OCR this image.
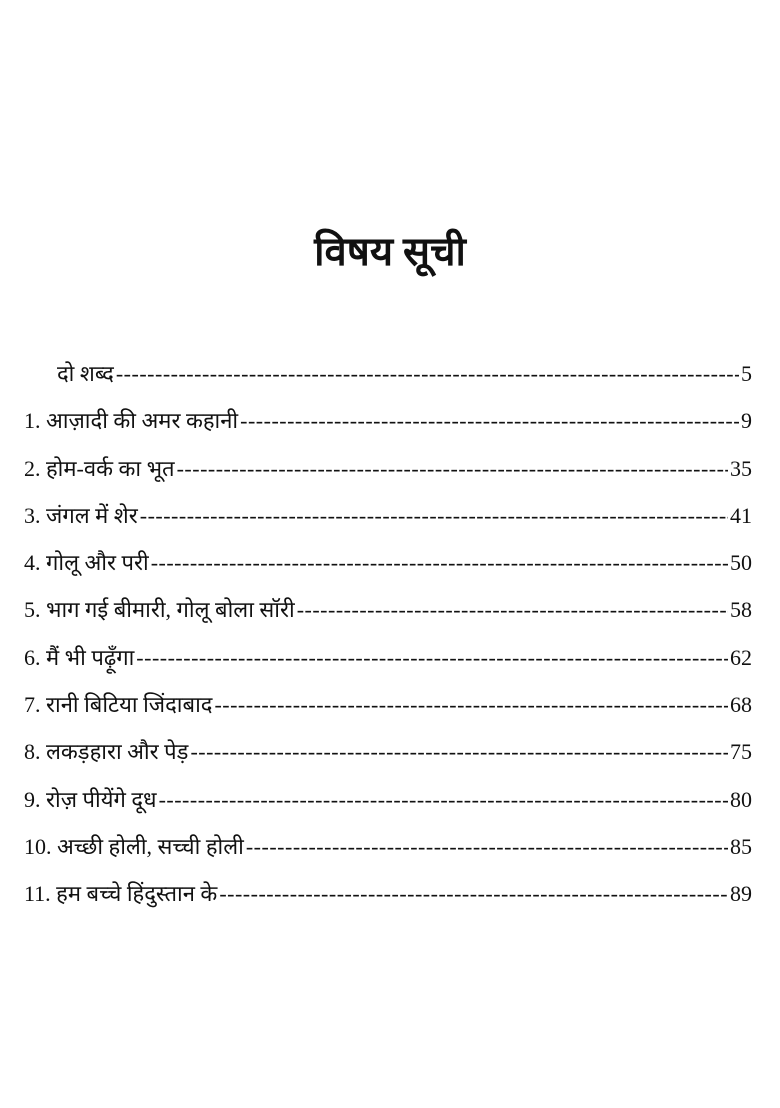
विषय सूची
दो शब्द -----	5
1. आज़ादी की अमर कहानी -----	9
2. होम-वर्क का भूत -----	35
3. जंगल में शेर -----	41
4. गोलू और परी -----	50
5. भाग गई बीमारी, गोलू बोला सॉरी -----	58
6. मैं भी पढ़ूँगा -----	62
7. रानी बिटिया जिंदाबाद -----	68
8. लकड़हारा और पेड़ -----	75
9. रोज़ पीयेंगे दूध -----	80
10. अच्छी होली, सच्ची होली -----	85
11. हम बच्चे हिंदुस्तान के -----	89
